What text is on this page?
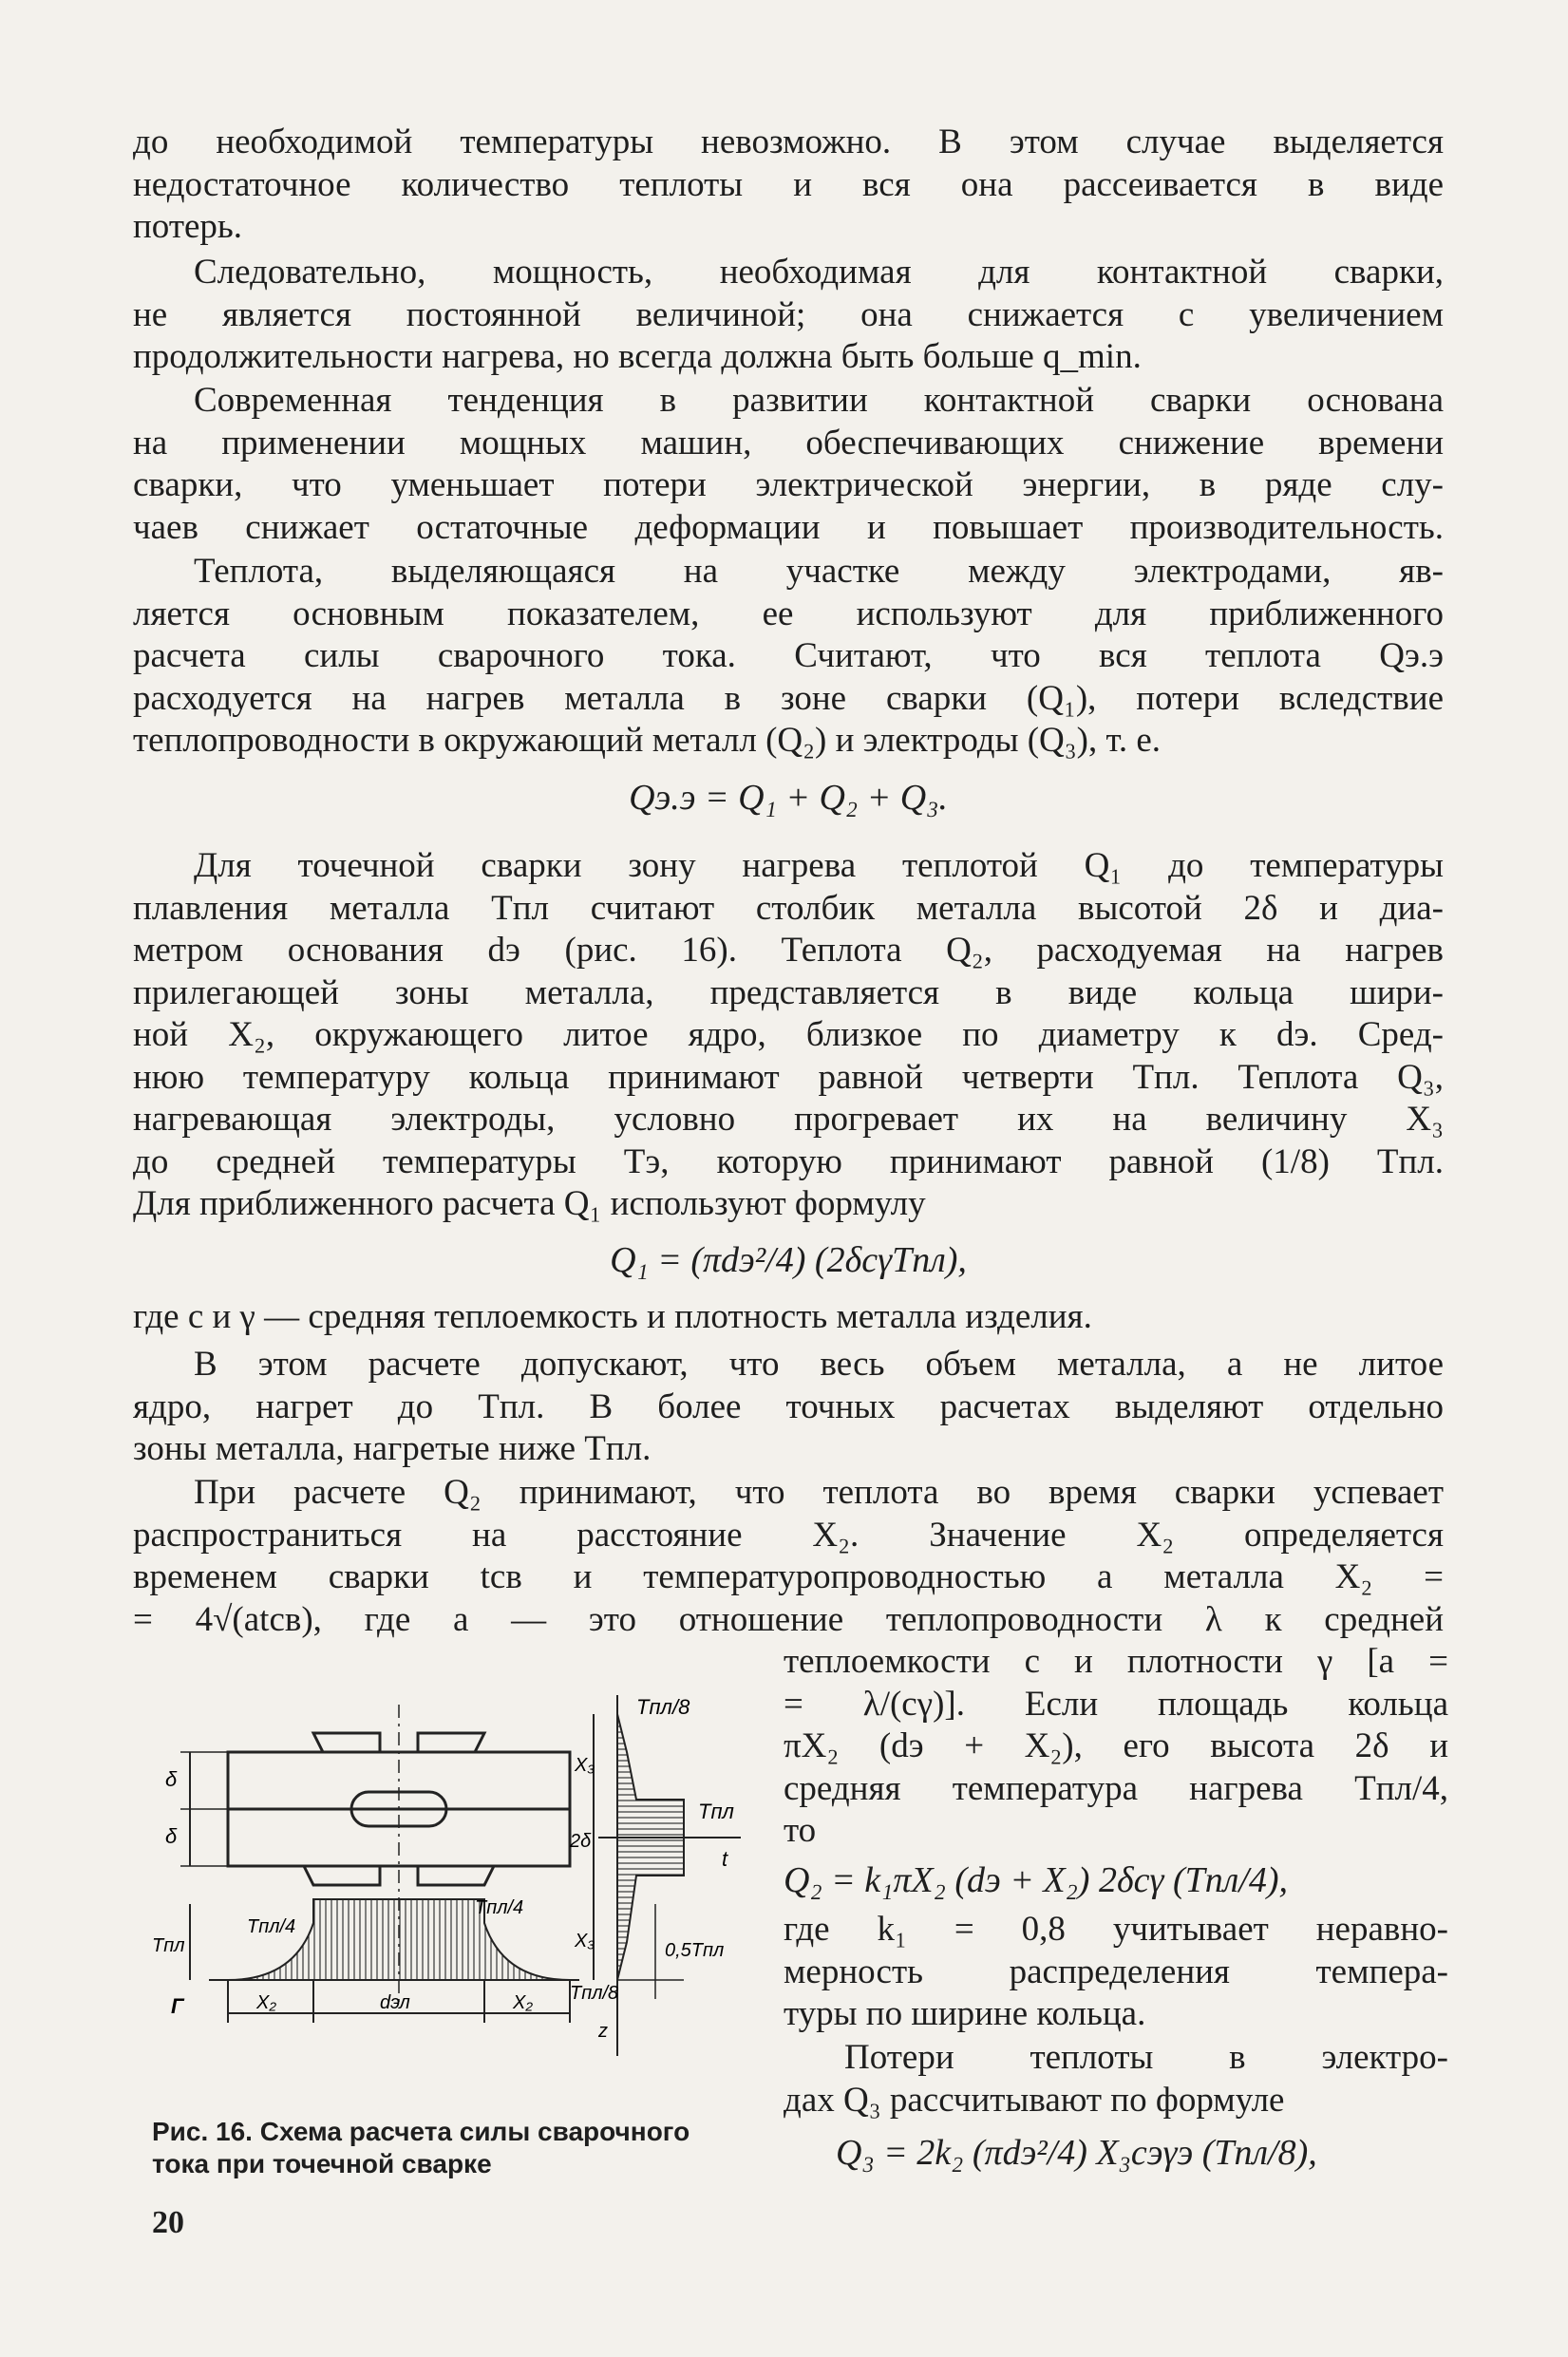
до необходимой температуры невозможно. В этом случае выделяется
недостаточное количество теплоты и вся она рассеивается в виде
потерь.
Следовательно, мощность, необходимая для контактной сварки,
не является постоянной величиной; она снижается с увеличением
продолжительности нагрева, но всегда должна быть больше q_min.
Современная тенденция в развитии контактной сварки основана
на применении мощных машин, обеспечивающих снижение времени
сварки, что уменьшает потери электрической энергии, в ряде слу-
чаев снижает остаточные деформации и повышает производительность.
Теплота, выделяющаяся на участке между электродами, яв-
ляется основным показателем, ее используют для приближенного
расчета силы сварочного тока. Считают, что вся теплота Qэ.э
расходуется на нагрев металла в зоне сварки (Q₁), потери вследствие
теплопроводности в окружающий металл (Q₂) и электроды (Q₃), т. е.
Qэ.э = Q₁ + Q₂ + Q₃.
Для точечной сварки зону нагрева теплотой Q₁ до температуры
плавления металла Tпл считают столбик металла высотой 2δ и диа-
метром основания dэ (рис. 16). Теплота Q₂, расходуемая на нагрев
прилегающей зоны металла, представляется в виде кольца шири-
ной X₂, окружающего литое ядро, близкое по диаметру к dэ. Сред-
нюю температуру кольца принимают равной четверти Tпл. Теплота Q₃,
нагревающая электроды, условно прогревает их на величину X₃
до средней температуры Tэ, которую принимают равной (1/8) Tпл.
Для приближенного расчета Q₁ используют формулу
Q₁ = (πdэ²/4) (2δcγTпл),
где c и γ — средняя теплоемкость и плотность металла изделия.
В этом расчете допускают, что весь объем металла, а не литое
ядро, нагрет до Tпл. В более точных расчетах выделяют отдельно
зоны металла, нагретые ниже Tпл.
При расчете Q₂ принимают, что теплота во время сварки успевает
распространиться на расстояние X₂. Значение X₂ определяется
временем сварки tсв и температуропроводностью a металла X₂ =
= 4√(atсв), где a — это отношение теплопроводности λ к средней
теплоемкости c и плотности γ [a =
= λ/(cγ)]. Если площадь кольца
πX₂ (dэ + X₂), его высота 2δ и
средняя температура нагрева Tпл/4,
то
Q₂ = k₁πX₂ (dэ + X₂) 2δcγ (Tпл/4),
где k₁ = 0,8 учитывает неравно-
мерность распределения темпера-
туры по ширине кольца.
Потери теплоты в электро-
дах Q₃ рассчитывают по формуле
Q₃ = 2k₂ (πdэ²/4) X₃cэγэ (Tпл/8),
Tпл/8
Tпл
t
X₃
2δ
X₃
δ
δ
Tпл/4
Tпл/4
Tпл	0,5Tпл
Tпл/8
z
X₂	dэл	X₂
Г
Рис. 16. Схема расчета силы сварочного
тока при точечной сварке
20
